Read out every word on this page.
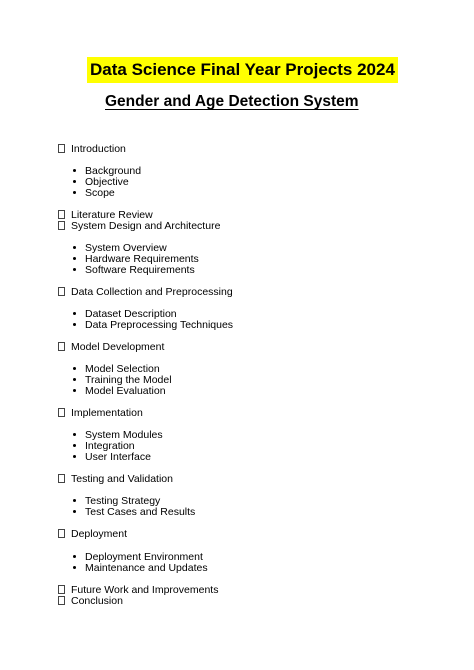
Data Science Final Year Projects 2024
Gender and Age Detection System
Introduction
Background
Objective
Scope
Literature Review
System Design and Architecture
System Overview
Hardware Requirements
Software Requirements
Data Collection and Preprocessing
Dataset Description
Data Preprocessing Techniques
Model Development
Model Selection
Training the Model
Model Evaluation
Implementation
System Modules
Integration
User Interface
Testing and Validation
Testing Strategy
Test Cases and Results
Deployment
Deployment Environment
Maintenance and Updates
Future Work and Improvements
Conclusion
